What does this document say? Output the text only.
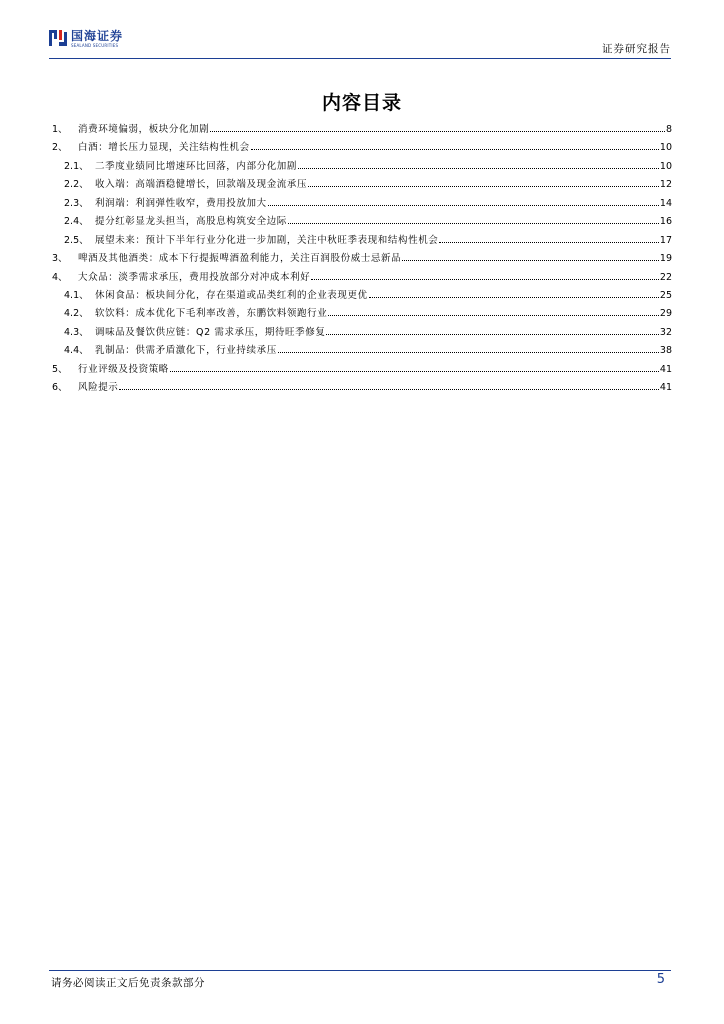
国海证券
SEALAND SECURITIES	证券研究报告
内容目录
1、	消费环境偏弱，板块分化加剧	8
2、	白酒：增长压力显现，关注结构性机会	10
2.1、 二季度业绩同比增速环比回落，内部分化加剧	10
2.2、 收入端：高端酒稳健增长，回款端及现金流承压	12
2.3、 利润端：利润弹性收窄，费用投放加大	14
2.4、 提分红彰显龙头担当，高股息构筑安全边际	16
2.5、 展望未来：预计下半年行业分化进一步加剧，关注中秋旺季表现和结构性机会	17
3、	啤酒及其他酒类：成本下行提振啤酒盈利能力，关注百润股份威士忌新品	19
4、	大众品：淡季需求承压，费用投放部分对冲成本利好	22
4.1、 休闲食品：板块间分化，存在渠道或品类红利的企业表现更优	25
4.2、 软饮料：成本优化下毛利率改善，东鹏饮料领跑行业	29
4.3、 调味品及餐饮供应链：Q2 需求承压，期待旺季修复	32
4.4、 乳制品：供需矛盾激化下，行业持续承压	38
5、	行业评级及投资策略	41
6、	风险提示	41
请务必阅读正文后免责条款部分	5
